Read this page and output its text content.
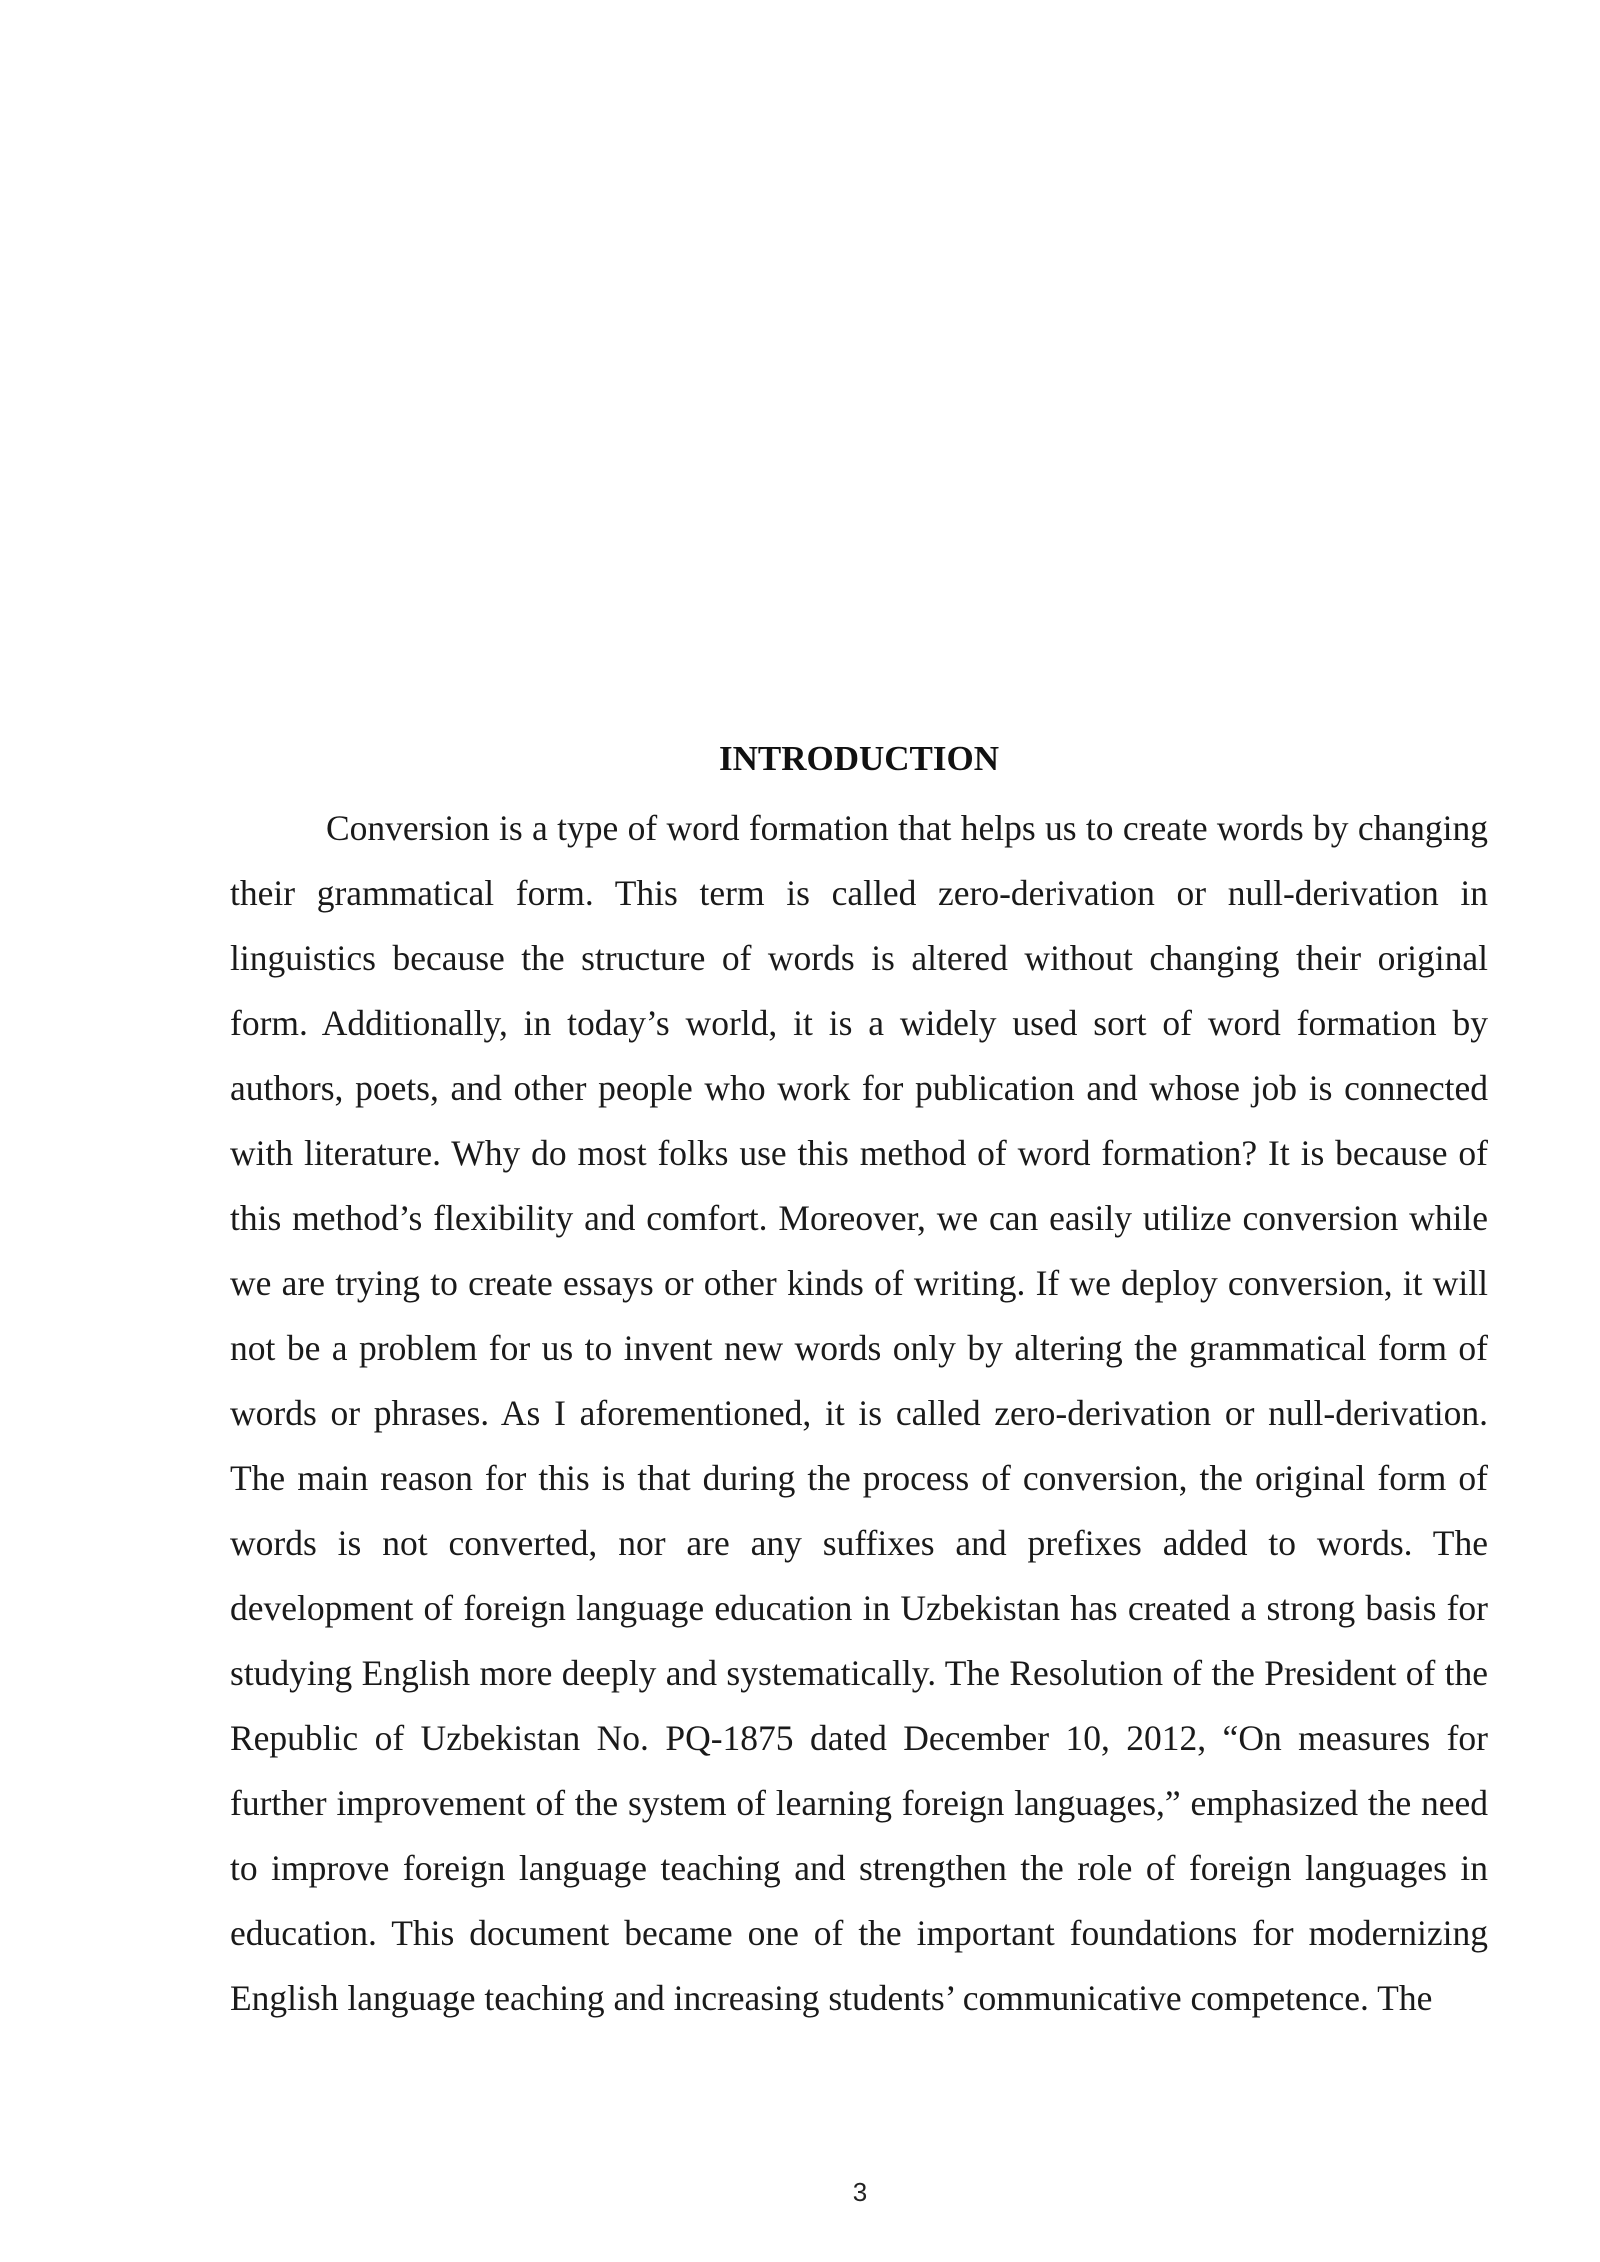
INTRODUCTION

Conversion is a type of word formation that helps us to create words by changing their grammatical form. This term is called zero-derivation or null-derivation in linguistics because the structure of words is altered without changing their original form. Additionally, in today’s world, it is a widely used sort of word formation by authors, poets, and other people who work for publication and whose job is connected with literature. Why do most folks use this method of word formation? It is because of this method’s flexibility and comfort. Moreover, we can easily utilize conversion while we are trying to create essays or other kinds of writing. If we deploy conversion, it will not be a problem for us to invent new words only by altering the grammatical form of words or phrases. As I aforementioned, it is called zero-derivation or null-derivation. The main reason for this is that during the process of conversion, the original form of words is not converted, nor are any suffixes and prefixes added to words. The development of foreign language education in Uzbekistan has created a strong basis for studying English more deeply and systematically. The Resolution of the President of the Republic of Uzbekistan No. PQ-1875 dated December 10, 2012, “On measures for further improvement of the system of learning foreign languages,” emphasized the need to improve foreign language teaching and strengthen the role of foreign languages in education. This document became one of the important foundations for modernizing English language teaching and increasing students’ communicative competence. The

3
